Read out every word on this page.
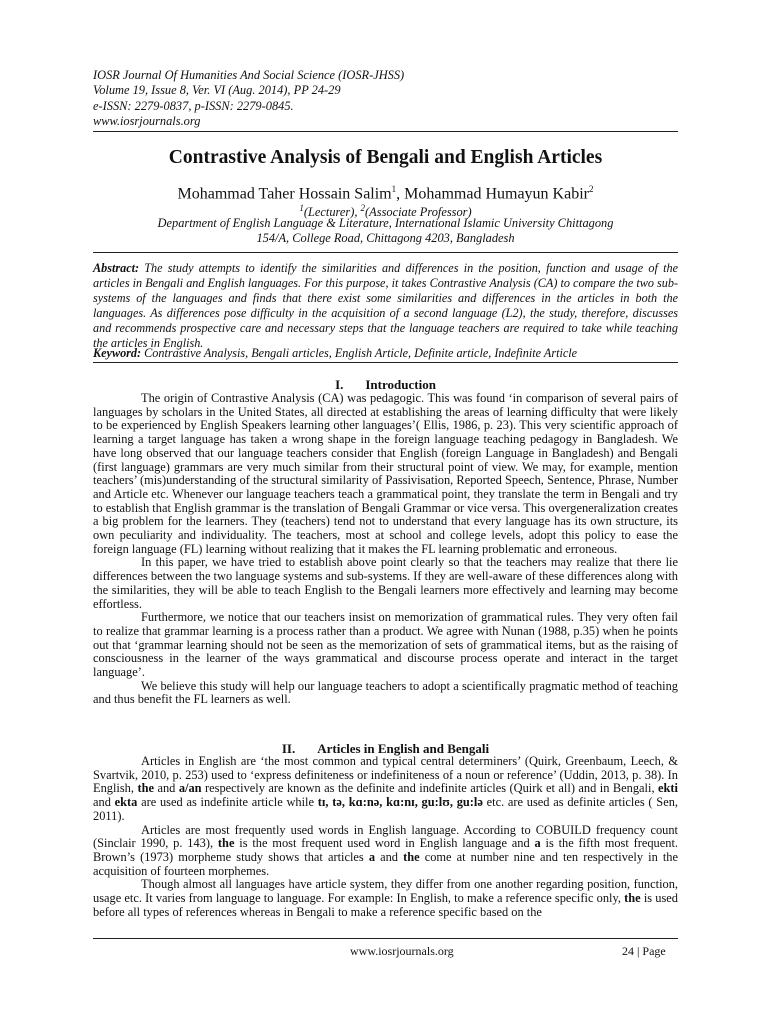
IOSR Journal Of Humanities And Social Science (IOSR-JHSS)
Volume 19, Issue 8, Ver. VI (Aug. 2014), PP 24-29
e-ISSN: 2279-0837, p-ISSN: 2279-0845.
www.iosrjournals.org
Contrastive Analysis of Bengali and English Articles
Mohammad Taher Hossain Salim$^1$, Mohammad Humayun Kabir$^2$
$^1$(Lecturer), $^2$(Associate Professor)
Department of English Language & Literature, International Islamic University Chittagong
154/A, College Road, Chittagong 4203, Bangladesh
Abstract: The study attempts to identify the similarities and differences in the position, function and usage of the articles in Bengali and English languages. For this purpose, it takes Contrastive Analysis (CA) to compare the two sub-systems of the languages and finds that there exist some similarities and differences in the articles in both the languages. As differences pose difficulty in the acquisition of a second language (L2), the study, therefore, discusses and recommends prospective care and necessary steps that the language teachers are required to take while teaching the articles in English.
Keyword: Contrastive Analysis, Bengali articles, English Article, Definite article, Indefinite Article
I. Introduction

The origin of Contrastive Analysis (CA) was pedagogic. This was found ‘in comparison of several pairs of languages by scholars in the United States, all directed at establishing the areas of learning difficulty that were likely to be experienced by English Speakers learning other languages’( Ellis, 1986, p. 23). This very scientific approach of learning a target language has taken a wrong shape in the foreign language teaching pedagogy in Bangladesh. We have long observed that our language teachers consider that English (foreign Language in Bangladesh) and Bengali (first language) grammars are very much similar from their structural point of view. We may, for example, mention teachers’ (mis)understanding of the structural similarity of Passivisation, Reported Speech, Sentence, Phrase, Number and Article etc. Whenever our language teachers teach a grammatical point, they translate the term in Bengali and try to establish that English grammar is the translation of Bengali Grammar or vice versa. This overgeneralization creates a big problem for the learners. They (teachers) tend not to understand that every language has its own structure, its own peculiarity and individuality. The teachers, most at school and college levels, adopt this policy to ease the foreign language (FL) learning without realizing that it makes the FL learning problematic and erroneous.

In this paper, we have tried to establish above point clearly so that the teachers may realize that there lie differences between the two language systems and sub-systems. If they are well-aware of these differences along with the similarities, they will be able to teach English to the Bengali learners more effectively and learning may become effortless.

Furthermore, we notice that our teachers insist on memorization of grammatical rules. They very often fail to realize that grammar learning is a process rather than a product. We agree with Nunan (1988, p.35) when he points out that ‘grammar learning should not be seen as the memorization of sets of grammatical items, but as the raising of consciousness in the learner of the ways grammatical and discourse process operate and interact in the target language’.

We believe this study will help our language teachers to adopt a scientifically pragmatic method of teaching and thus benefit the FL learners as well.

II. Articles in English and Bengali

Articles in English are ‘the most common and typical central determiners’ (Quirk, Greenbaum, Leech, & Svartvik, 2010, p. 253) used to ‘express definiteness or indefiniteness of a noun or reference’ (Uddin, 2013, p. 38). In English, the and a/an respectively are known as the definite and indefinite articles (Quirk et all) and in Bengali, ekti and ekta are used as indefinite article while tɪ, tə, kɑ:nə, kɑ:nɪ, gu:lʊ, gu:lə etc. are used as definite articles ( Sen, 2011).

Articles are most frequently used words in English language. According to COBUILD frequency count (Sinclair 1990, p. 143), the is the most frequent used word in English language and a is the fifth most frequent. Brown’s (1973) morpheme study shows that articles a and the come at number nine and ten respectively in the acquisition of fourteen morphemes.

Though almost all languages have article system, they differ from one another regarding position, function, usage etc. It varies from language to language. For example: In English, to make a reference specific only, the is used before all types of references whereas in Bengali to make a reference specific based on the

www.iosrjournals.org	24 | Page
